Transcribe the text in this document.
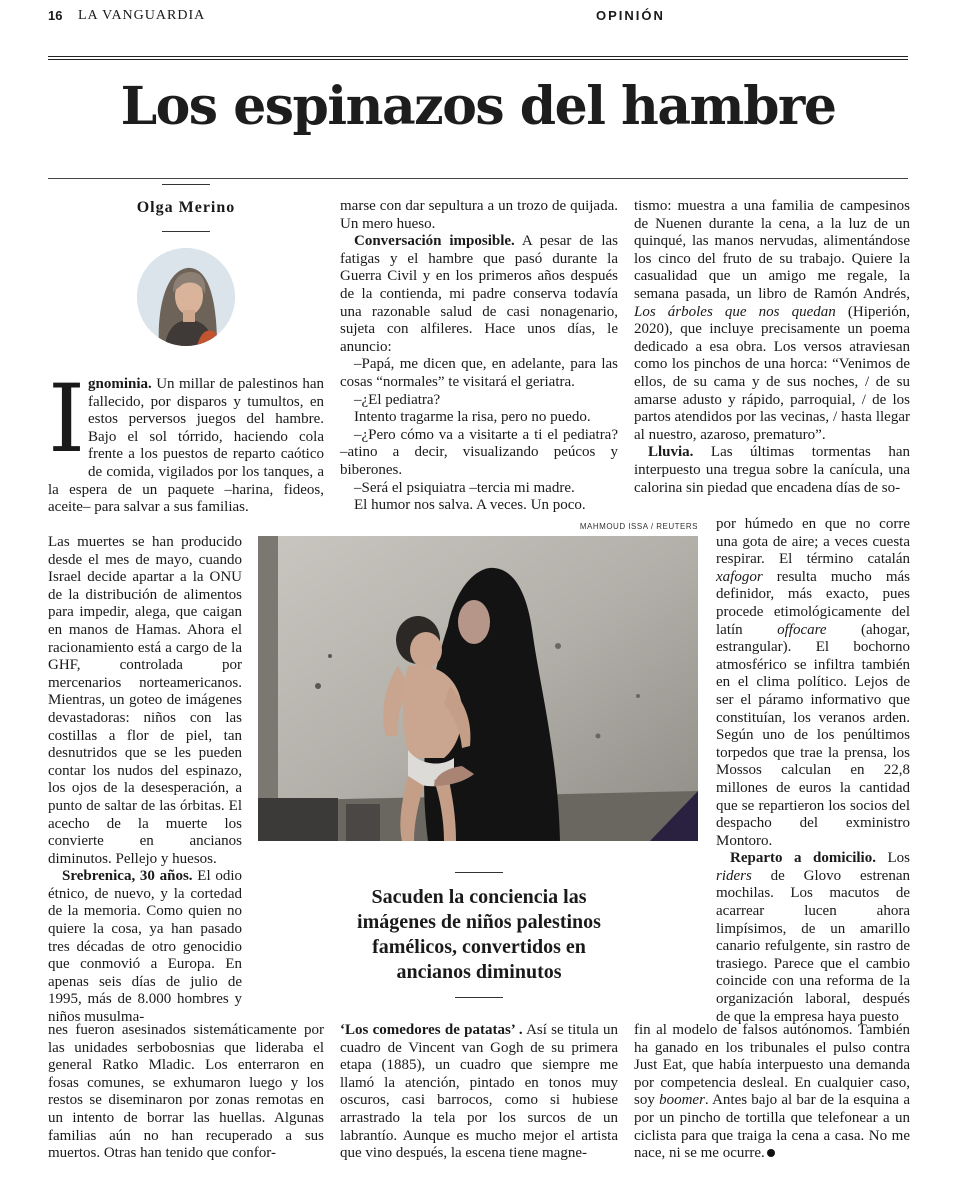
16 LA VANGUARDIA	OPINIÓN
Los espinazos del hambre
Olga Merino

Ignominia. Un millar de palestinos han fallecido, por disparos y tumultos, en estos perversos juegos del hambre. Bajo el sol tórrido, haciendo cola frente a los puestos de reparto caótico de comida, vigilados por los tanques, a la espera de un paquete –harina, fideos, aceite– para salvar a sus familias.

Las muertes se han producido desde el mes de mayo, cuando Israel decide apartar a la ONU de la distribución de alimentos para impedir, alega, que caigan en manos de Hamas. Ahora el racionamiento está a cargo de la GHF, controlada por mercenarios norteamericanos. Mientras, un goteo de imágenes devastadoras: niños con las costillas a flor de piel, tan desnutridos que se les pueden contar los nudos del espinazo, los ojos de la desesperación, a punto de saltar de las órbitas. El acecho de la muerte los convierte en ancianos diminutos. Pellejo y huesos.

Srebrenica, 30 años. El odio étnico, de nuevo, y la cortedad de la memoria. Como quien no quiere la cosa, ya han pasado tres décadas de otro genocidio que conmovió a Europa. En apenas seis días de julio de 1995, más de 8.000 hombres y niños musulma-

nes fueron asesinados sistemáticamente por las unidades serbobosnias que lideraba el general Ratko Mladic. Los enterraron en fosas comunes, se exhumaron luego y los restos se diseminaron por zonas remotas en un intento de borrar las huellas. Algunas familias aún no han recuperado a sus muertos. Otras han tenido que confor-

marse con dar sepultura a un trozo de quijada. Un mero hueso.

Conversación imposible. A pesar de las fatigas y el hambre que pasó durante la Guerra Civil y en los primeros años después de la contienda, mi padre conserva todavía una razonable salud de casi nonagenario, sujeta con alfileres. Hace unos días, le anuncio:

–Papá, me dicen que, en adelante, para las cosas “normales” te visitará el geriatra.

–¿El pediatra?

Intento tragarme la risa, pero no puedo.

–¿Pero cómo va a visitarte a ti el pediatra? –atino a decir, visualizando peúcos y biberones.

–Será el psiquiatra –tercia mi madre.

El humor nos salva. A veces. Un poco.

MAHMOUD ISSA / REUTERS
Sacuden la conciencia las imágenes de niños palestinos famélicos, convertidos en ancianos diminutos

‘Los comedores de patatas’ . Así se titula un cuadro de Vincent van Gogh de su primera etapa (1885), un cuadro que siempre me llamó la atención, pintado en tonos muy oscuros, casi barrocos, como si hubiese arrastrado la tela por los surcos de un labrantío. Aunque es mucho mejor el artista que vino después, la escena tiene magne-

tismo: muestra a una familia de campesinos de Nuenen durante la cena, a la luz de un quinqué, las manos nervudas, alimentándose los cinco del fruto de su trabajo. Quiere la casualidad que un amigo me regale, la semana pasada, un libro de Ramón Andrés, Los árboles que nos quedan (Hiperión, 2020), que incluye precisamente un poema dedicado a esa obra. Los versos atraviesan como los pinchos de una horca: “Venimos de ellos, de su cama y de sus noches, / de su amarse adusto y rápido, parroquial, / de los partos atendidos por las vecinas, / hasta llegar al nuestro, azaroso, prematuro”.

Lluvia. Las últimas tormentas han interpuesto una tregua sobre la canícula, una calorina sin piedad que encadena días de so-

por húmedo en que no corre una gota de aire; a veces cuesta respirar. El término catalán xafogor resulta mucho más definidor, más exacto, pues procede etimológicamente del latín offocare (ahogar, estrangular). El bochorno atmosférico se infiltra también en el clima político. Lejos de ser el páramo informativo que constituían, los veranos arden. Según uno de los penúltimos torpedos que trae la prensa, los Mossos calculan en 22,8 millones de euros la cantidad que se repartieron los socios del despacho del exministro Montoro.

Reparto a domicilio. Los riders de Glovo estrenan mochilas. Los macutos de acarrear lucen ahora limpísimos, de un amarillo canario refulgente, sin rastro de trasiego. Parece que el cambio coincide con una reforma de la organización laboral, después de que la empresa haya puesto

fin al modelo de falsos autónomos. También ha ganado en los tribunales el pulso contra Just Eat, que había interpuesto una demanda por competencia desleal. En cualquier caso, soy boomer. Antes bajo al bar de la esquina a por un pincho de tortilla que telefonear a un ciclista para que traiga la cena a casa. No me nace, ni se me ocurre.
